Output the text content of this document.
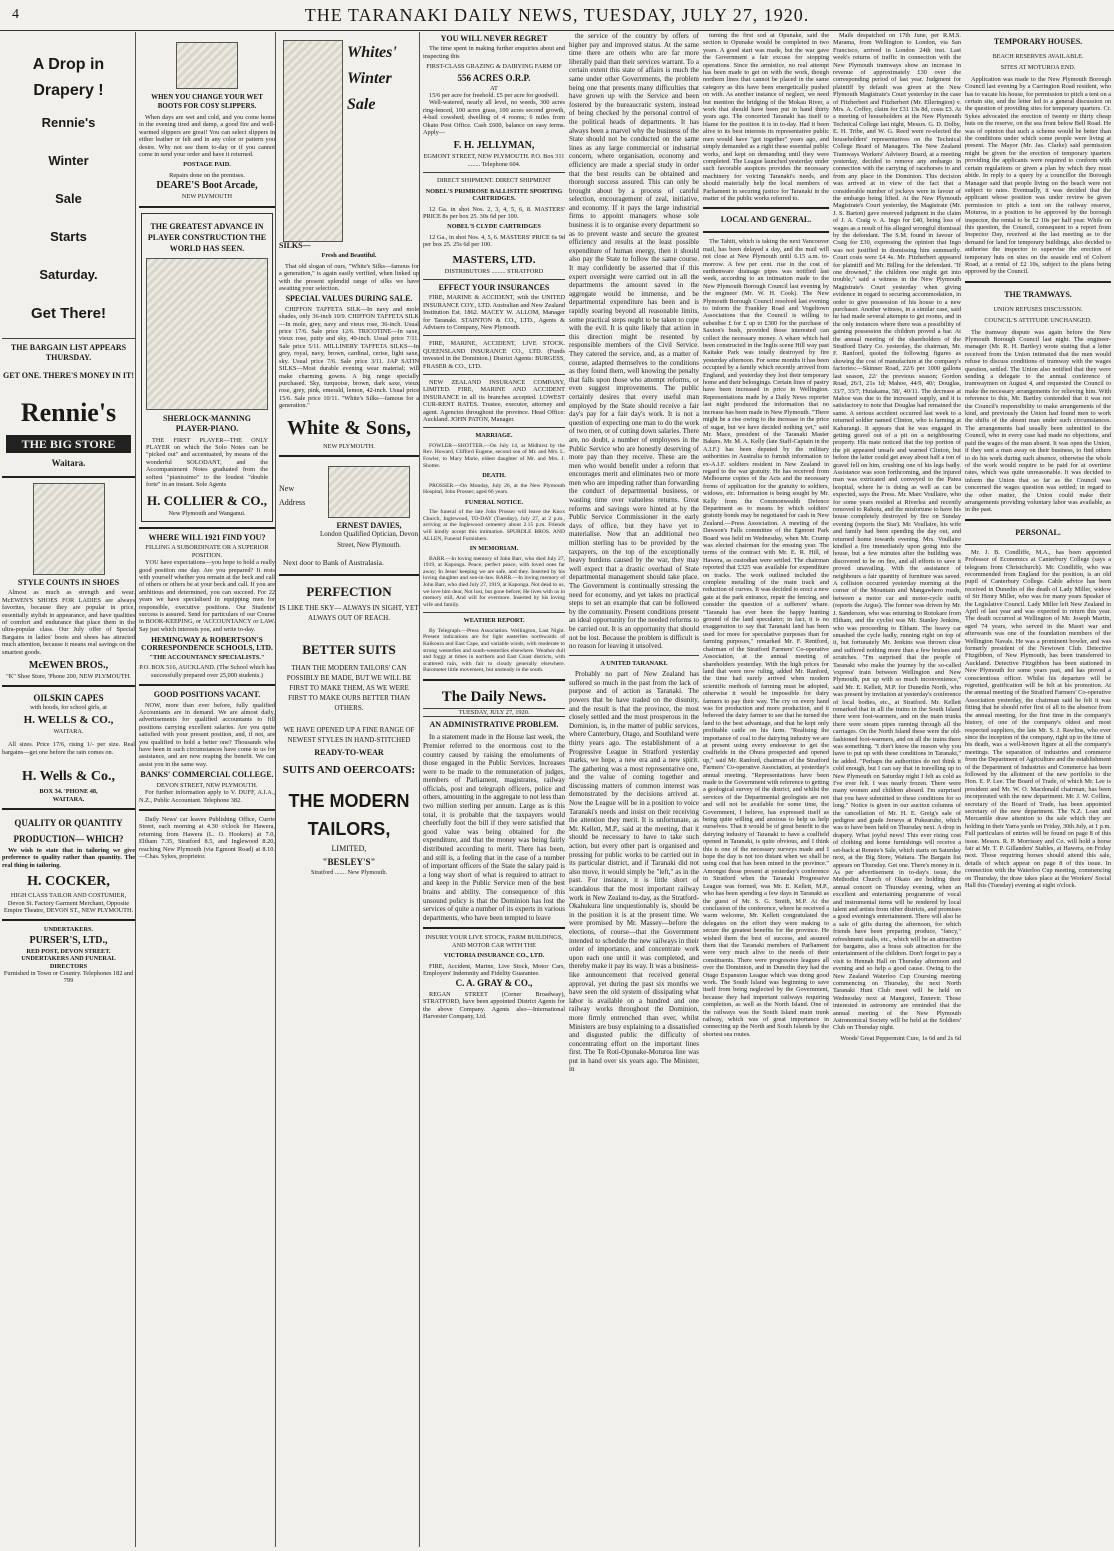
4	THE TARANAKI DAILY NEWS, TUESDAY, JULY 27, 1920.
A Drop in
Drapery !
Rennie's
Winter
Sale
Starts
Saturday.
Get There!
THE BARGAIN LIST APPEARS THURSDAY.
GET ONE. THERE'S MONEY IN IT!
Rennie's
THE BIG STORE
Waitara.
STYLE COUNTS IN SHOES

Almost as much as strength and wear. McEWEN'S SHOES FOR LADIES are always favorites, because they are popular in price, essentially stylish in appearance, and have qualities of comfort and endurance that place them in the ultra-popular class. Our July offer of Special Bargains in ladies' boots and shoes has attracted much attention, because it means real savings on the smartest goods.

McEWEN BROS.,
"K" Shoe Store, 'Phone 200, NEW PLYMOUTH.
OILSKIN CAPES
with hoods, for school girls, at
H. WELLS & CO.,
WAITARA.

All sizes. Price 17/6, rising 1/- per size. Real bargains—get one before the rain comes on.

H. Wells & Co.,
BOX 34. 'PHONE 48,
WAITARA.
QUALITY OR QUANTITY PRODUCTION— WHICH?

We wish to state that in tailoring we give preference to quality rather than quantity. The real thing in tailoring.

H. COCKER,
HIGH CLASS TAILOR AND COSTUMIER, Devon St. Factory Garment Merchant, Opposite Empire Theatre, DEVON ST., NEW PLYMOUTH.
UNDERTAKERS.
PURSER'S, LTD.,
RED POST, DEVON STREET.
UNDERTAKERS AND FUNERAL DIRECTORS
Furnished in Town or Country. Telephones 182 and 799
WHEN YOU CHANGE YOUR WET BOOTS FOR COSY SLIPPERS.

When days are wet and cold, and you come home in the evening tired and damp, a good fire and well-warmed slippers are great! You can select slippers in either leather or felt and in any color or pattern you desire. Why not see them to-day or if you cannot come in send your order and have it returned.

POSTAGE PAID.
Repairs done on the premises.
DEARE'S Boot Arcade,
NEW PLYMOUTH
THE GREATEST ADVANCE IN PLAYER CONSTRUCTION THE WORLD HAS SEEN.
SHERLOCK-MANNING PLAYER-PIANO.

THE FIRST PLAYER—THE ONLY PLAYER on which the Solo Notes can be "picked out" and accentuated, by means of the wonderful SOLODANT, and the Accompaniment Notes graduated from the softest "pianissimo" to the loudest "double forte" in an instant. Sole Agents

H. COLLIER & CO.,
New Plymouth and Wanganui.
WHERE WILL 1921 FIND YOU?
FILLING A SUBORDINATE OR A SUPERIOR POSITION.

YOU have expectations—you hope to hold a really good position one day. Are you prepared? It rests with yourself whether you remain at the beck and call of others or others be at your beck and call. If you are ambitious and determined, you can succeed. For 22 years we have specialised in equipping men for responsible, executive positions. Our Students' success is assured. Send for particulars of our Course in BOOK-KEEPING, or 'ACCOUNTANCY or LAW. Say just which interests you, and write to-day.

HEMINGWAY & ROBERTSON'S CORRESPONDENCE SCHOOLS, LTD.
"THE ACCOUNTANCY SPECIALISTS."
P.O. BOX 516, AUCKLAND. (The School which has successfully prepared over 25,000 students.)
GOOD POSITIONS VACANT.

NOW, more than ever before, fully qualified Accountants are in demand. We are almost daily, advertisements for qualified accountants to fill positions carrying excellent salaries. Are you quite satisfied with your present position, and, if not, are you qualified to hold a better one? Thousands who have been in such circumstances have come to us for assistance, and are now reaping the benefit. We can assist you in the same way.

BANKS' COMMERCIAL COLLEGE.
DEVON STREET, NEW PLYMOUTH.

For further information apply to V. DUFF, A.I.A., N.Z., Public Accountant. Telephone 382.

Daily News' car leaves Publishing Office, Currie Street, each morning at 4.30 o'clock for Hawera, returning from Hawera (L. O. Hookers) at 7.0, Eltham 7.35, Stratford 8.5, and Inglewood 8.20, reaching New Plymouth (via Egmont Road) at 8.10.—Chas. Sykes, proprietor.

Whites'
Winter
Sale
SILKS—
Fresh and Beautiful.

That old slogan of ours, "White's Silks—famous for a generation," is again easily verified, when linked up with the present splendid range of silks we have awaiting your selection.

SPECIAL VALUES DURING SALE.

CHIFFON TAFFETA SILK—In navy and mole shades, only 36-inch 10/9. CHIFFON TAFFETA SILK—In mole, grey, navy and vieux rose, 36-inch. Usual price 17/6. Sale price 12/6. TRICOTINE—In saxe, vieux rose, putty and sky, 40-inch. Usual price 7/11. Sale price 5/11. MILLINERY TAFFETA SILKS—In grey, royal, navy, brown, cardinal, cerise, light saxe, sky. Usual price 7/6. Sale price 3/11. JAP SATIN SILKS—Most durable evening wear material; will make charming gowns. A big range specially purchased. Sky, turquoise, brown, dark saxe, vieux rose, grey, pink, emerald, lemon, 42-inch. Usual price 15/6. Sale price 10/11. "White's Silks—famous for a generation."

White & Sons,
NEW PLYMOUTH.
New
Address
ERNEST DAVIES,
London Qualified Optician, Devon Street, New Plymouth.
Next door to Bank of Australasia.
PERFECTION
IS LIKE THE SKY— ALWAYS IN SIGHT, YET ALWAYS OUT OF REACH.
BETTER SUITS
THAN THE MODERN TAILORS' CAN POSSIBLY BE MADE, BUT WE WILL BE FIRST TO MAKE THEM, AS WE WERE FIRST TO MAKE OURS BETTER THAN OTHERS.
WE HAVE OPENED UP A FINE RANGE OF NEWEST STYLES IN HAND-STITCHED
READY-TO-WEAR
SUITS AND OEERCOATS:
THE MODERN TAILORS,
LIMITED,
"BESLEY'S"
Stratford ....... New Plymouth.
YOU WILL NEVER REGRET

The time spent in making further enquiries about and inspecting this

FIRST-CLASS GRAZING & DAIRYING FARM OF
556 ACRES O.R.P.
AT
15/6 per acre for freehold. £5 per acre for goodwill.

Well-watered, nearly all level, no weeds, 300 acres ring-fenced, 100 acres grass, 100 acres second growth, 4-bail cowshed; dwelling of 4 rooms; 6 miles from Okato Post Office. Cash £600, balance on easy terms. Apply—

F. H. JELLYMAN,
EGMONT STREET, NEW PLYMOUTH. P.O. Box 311 ........ Telephone 604.
DIRECT SHIPMENT. DIRECT SHIPMENT
NOBEL'S PRIMROSE BALLISTITE SPORTING CARTRIDGES.

12 Ga. in shot Nos. 2, 3, 4, 5, 6, 8. MASTERS' PRICE 8s per box 25. 30s 6d per 100.

NOBEL'S CLYDE CARTRIDGES

12 Ga., in shot Nos. 4, 5, 6. MASTERS' PRICE 6s 9d per box 25. 25s 6d per 100.

MASTERS, LTD.
DISTRIBUTORS ......... STRATFORD
EFFECT YOUR INSURANCES

FIRE, MARINE & ACCIDENT, with the UNITED INSURANCE COY., LTD. Australian and New Zealand Institution Est. 1862. MACEY W. ALLOM, Manager for Taranaki. STAINTON & CO., LTD., Agents & Advisers to Company, New Plymouth.

FIRE, MARINE, ACCIDENT, LIVE STOCK. QUEENSLAND INSURANCE CO., LTD. (Funds invested in the Dominion.) District Agents: BURGESS, FRASER & CO., LTD.

NEW ZEALAND INSURANCE COMPANY, LIMITED. FIRE, MARINE AND ACCIDENT INSURANCE in all its branches accepted. LOWEST CUR-RENT RATES. Trustee, executor, attorney and agent. Agencies throughout the province. Head Office: Auckland. JOHN PATON, Manager.

MARRIAGE.

FOWLER—SHOTTER.—On July 14, at Midhirst by the Rev. Howard, Clifford Eugene, second son of Mr. and Mrs. L. Fowler, to Mary Marie, eldest daughter of Mr. and Mrs. J. Shotter.

DEATH.

PROSSER.—On Monday, July 26, at the New Plymouth Hospital, John Prosser; aged 66 years.

FUNERAL NOTICE.

The funeral of the late John Prosser will leave the Knox Church, Inglewood, TO-DAY (Tuesday), July 27, at 2 p.m., arriving at the Inglewood cemetery about 2.15 p.m. Friends will kindly accept this intimation. SPURDLE BROS. AND ALLEN, Funeral Furnishers.

IN MEMORIAM.

BARR.—In loving memory of John Barr, who died July 27, 1919, at Kaponga. Peace, perfect peace, with loved ones far away; In Jesus' keeping we are safe, and they. Inserted by his loving daughter and son-in-law. BARR.—In loving memory of John Barr, who died July 27, 1919, at Kaponga. Not dead to us, we love him dear, Not lost, but gone before; He lives with us in memory still, And will for evermore. Inserted by his loving wife and family.

WEATHER REPORT.

By Telegraph.—Press Association. Wellington, Last Night. Present indications are for light easterlies northwards of Kaikoura and East Cape, and variable winds, with moderate to strong westerlies and south-westerlies elsewhere. Weather dull and foggy at times in northern and East Coast districts, with scattered rain, with fair to cloudy generally elsewhere. Barometer little movement, but unsteady in the south.

The Daily News.
TUESDAY, JULY 27, 1920.
AN ADMINISTRATIVE PROBLEM.

In a statement made in the House last week, the Premier referred to the enormous cost to the country caused by raising the emoluments of those engaged in the Public Services. Increases were to be made to the remuneration of judges, members of Parliament, magistrates, railway officials, post and telegraph officers, police and others, amounting in the aggregate to not less than two million sterling per annum. Large as is this total, it is probable that the taxpayers would cheerfully foot the bill if they were satisfied that good value was being obtained for the expenditure, and that the money was being fairly distributed according to merit. There has been, and still is, a feeling that in the case of a number of important officers of the State the salary paid is a long way short of what is required to attract to and keep in the Public Service men of the best brains and ability. The consequence of this unsound policy is that the Dominion has lost the services of quite a number of its experts in various departments, who have been tempted to leave

INSURE YOUR LIVE STOCK, FARM BUILDINGS, AND MOTOR CAR WITH THE
VICTORIA INSURANCE CO., LTD.

FIRE, Accident, Marine, Live Stock, Motor Cars, Employers' Indemnity and Fidelity Guarantee.

C. A. GRAY & CO.,

REGAN STREET (Corner Broadway), STRATFORD, have been appointed District Agents for the above Company. Agents also—International Harvester Company, Ltd.

the service of the country by offers of higher pay and improved status. At the same time there are others who are far more liberally paid than their services warrant. To a certain extent this state of affairs is much the same under other Governments, the problem being one that presents many difficulties that have grown up with the Service and been fostered by the bureaucratic system, instead of being checked by the personal control of the political heads of departments. It has always been a marvel why the business of the State should not be conducted on the same lines as any large commercial or industrial concern, where organisation, economy and efficiency are made a special study in order that the best results can be obtained and thorough success assured. This can only be brought about by a process of careful selection, encouragement of zeal, initiative, and economy. If it pays the large industrial firms to appoint managers whose sole business it is to organise every department so as to prevent waste and secure the greatest efficiency and results at the least possible expenditure of human energy, then it should also pay the State to follow the same course. It may confidently be asserted that if this expert oversight were carried out in all the departments the amount saved in the aggregate would be immense, and be departmental expenditure has been and is rapidly soaring beyond all reasonable limits, some practical steps ought to be taken to cope with the evil. It is quite likely that action in this direction might be resented by responsible members of the Civil Service. They catered the service, and, as a matter of course, adapted themselves to the conditions as they found them, well knowing the penalty that falls upon those who attempt reforms, or even suggest improvements. The public certainly desires that every useful man employed by the State should receive a fair day's pay for a fair day's work. It is not a question of expecting one man to do the work of two men, or of cutting down salaries. There are, no doubt, a number of employees in the Public Service who are honestly deserving of more pay than they receive. These are the men who would benefit under a reform that encourages merit and eliminates two or more men who are impeding rather than forwarding the conduct of departmental business, or wasting time over valueless returns. Great reforms and savings were hinted at by the Public Service Commissioner in the early days of office, but they have yet to materialise. Now that an additional two million sterling has to be provided by the taxpayers, on the top of the exceptionally heavy burdens caused by the war, they may well expect that a drastic overhaul of State departmental management should take place. The Government is continually stressing the need for economy, and yet takes no practical steps to set an example that can be followed by the community. Present conditions present an ideal opportunity for the needed reforms to be carried out. It is an opportunity that should not be lost. Because the problem is difficult is no reason for leaving it unsolved.

A UNITED TARANAKI.

Probably no part of New Zealand has suffered so much in the past from the lack of purpose and of action as Taranaki. The powers that be have traded on the disunity, and the result is that the province, the most closely settled and the most prosperous in the Dominion, is, in the matter of public services, where Canterbury, Otago, and Southland were thirty years ago. The establishment of a Progressive League in Stratford yesterday marks, we hope, a new era and a new spirit. The gathering was a most representative one, and the value of coming together and discussing matters of common interest was demonstrated by the decisions arrived at. Now the League will be in a position to voice Taranaki's needs and insist on their receiving the attention they merit. It is unfortunate, as Mr. Kellett, M.P., said at the meeting, that it should be necessary to have to take such action, but every other part is organised and pressing for public works to be carried out in its particular district, and if Taranaki did not also move, it would simply be "left," as in the past. For instance, it is little short of scandalous that the most important railway work in New Zealand to-day, as the Stratford-Okahukura line unquestionably is, should be in the position it is at the present time. We were promised by Mr. Massey—before the elections, of course—that the Government intended to schedule the new railways in their order of importance, and concentrate work upon each one until it was completed, and thereby make it pay its way. It was a business-like announcement that received general approval, yet during the past six months we have seen the old system of dissipating what labor is available on a hundred and one railway works throughout the Dominion, more firmly entrenched than ever, whilst Ministers are busy explaining to a dissatisfied and disgusted public the difficulty of concentrating effort on the important lines first. The Te Roti-Opunake-Moturoa line was put in hand over six years ago. The Minister, in

turning the first sod at Opunake, said the section to Opunake would be completed in two years. A good start was made, but the war gave the Government a fair excuse for stopping operations. Since the armistice, no real attempt has been made to get on with the work, though northern lines that cannot be placed in the same category as this have been energetically pushed on with. As another instance of neglect, we need but mention the bridging of the Mokau River, a work that should have been put in hand thirty years ago. The concerted Taranaki has itself to blame for the position it is in to-day. Had it been alive to its best interests its representative public men would have "got together" years ago, and simply demanded as a right these essential public works, and kept on demanding until they were completed. The League launched yesterday under such favorable auspices provides the necessary machinery for voicing Taranaki's needs, and should materially help the local members of Parliament in securing justice for Taranaki in the matter of the public works referred to.

LOCAL AND GENERAL.

The Tahiti, which is taking the next Vancouver mail, has been delayed a day, and the mail will not close at New Plymouth until 6.15 a.m. to-morrow. A few per cent. rise in the cost of earthenware drainage pipes was notified last week, according to an intimation made to the New Plymouth Borough Council last evening by the engineer (Mr. W. H. Cook). The New Plymouth Borough Council resolved last evening to inform the Frankley Road and Vogeltown Associations that the Council is willing to subsidise £ for £ up to £300 for the purchase of Saxton's bush, provided those interested can collect the necessary money. A whare which had been constructed in the Inglis scene Hill way past Kaitake Park was totally destroyed by fire yesterday afternoon. For some months it has been occupied by a family which recently arrived from England, and yesterday they lost their temporary home and their belongings. Certain lines of pastry have been increased in price in Wellington. Representations made by a Daily News reporter last night produced the information that no increase has been made in New Plymouth. "There might be a rise owing to the increase in the price of sugar, but we have decided nothing yet," said Mr. Mace, president of the Taranaki Master Bakers. Mr. M. A. Kelly (late Staff-Captain in the A.I.F.) has been deputed by the military authorities in Australia to furnish information to ex-A.I.F. soldiers resident in New Zealand in regard to the war gratuity. He has received from Melbourne copies of the Acts and the necessary forms of application for the gratuity to soldiers, widows, etc. Information is being sought by Mr. Kelly from the Commonwealth Defence Department as to means by which soldiers' gratuity bonds may be negotiated for cash in New Zealand.—Press Association. A meeting of the Dawson's Falls committee of the Egmont Park Board was held on Wednesday, when Mr. Crump was elected chairman for the ensuing year. The terms of the contract with Mr. E. R. Hill, of Hawera, as custodian were settled. The chairman reported that £325 was available for expenditure on tracks. The work outlined included the complete metalling of the main track and reduction of curves. It was decided to erect a new gate at the park entrance, repair the fencing, and consider the question of a sufferers' whare. "Taranaki has ever been the happy hunting ground of the land speculator; in fact, it is no exaggeration to say that Taranaki land has been used for more for speculative purposes than for farming purposes," remarked Mr. F. Rentford, chairman of the Stratford Farmers' Co-operative Association, at the annual meeting of shareholders yesterday. With the high prices for land that were now ruling, added Mr. Ranford, the time had surely arrived when modern scientific methods of farming must be adopted, otherwise it would be impossible for dairy farmers to pay their way. The cry on every hand was for production and more production, and it behoved the dairy farmer to see that he turned the land to the best advantage, and that he kept only profitable cattle on his farm. "Realising the importance of coal to the dairying industry we are at present using every endeavour to get the coalfields in the Ohura prospected and opened up," said Mr. Ranford, chairman of the Stratford Farmers' Co-operative Association, at yesterday's annual meeting. "Representations have been made to the Government with reference to getting a geological survey of the district, and whilst the services of the Departmental geologists are not and will not be available for some time, the Government, I believe, has expressed itself as being quite willing and anxious to help us help ourselves. That it would be of great benefit to the dairying industry of Taranaki to have a coalfield opened in Taranaki, is quite obvious, and I think this is one of the necessary surveys made and I hope the day is not too distant when we shall be using coal that has been mined in the province." Amongst those present at yesterday's conference in Stratford when the Taranaki Progressive League was formed, was Mr. E. Kellett, M.P., who has been spending a few days in Taranaki as the guest of Mr. S. G. Smith, M.P. At the conclusion of the conference, where he received a warm welcome, Mr. Kellett congratulated the delegates on the effort they were making to secure the greatest benefits for the province. He wished them the best of success, and assured them that the Taranaki members of Parliament were very much alive to the needs of their constituents. There were progressive leagues all over the Dominion, and in Dunedin they had the Otago Expansion League which was doing good work. The South Island was beginning to save itself from being neglected by the Government, because they had important railways requiring completion, as well as the North Island. One of the railways was the South Island main trunk railway, which was of great importance in connecting up the North and South Islands by the shortest sea routes.

Mails despatched on 17th June, per R.M.S. Marama, from Wellington to London, via San Francisco, arrived in London 24th inst. Last week's returns of traffic in connection with the New Plymouth tramways show an increase in revenue of approximately £30 over the corresponding period of last year. Judgment for plaintiff by default was given at the New Plymouth Magistrate's Court yesterday in the case of Fitzherbert and Fitzherbert (Mr. Ellerington) v. Mrs. A. Coffey, claim for £31 13s 8d, costs £3. At a meeting of householders at the New Plymouth Technical College last night, Messrs. G. D. Dolby, E. H. Tribe, and W. G. Reed were re-elected the householders' representatives on the Technical College Board of Managers. The New Zealand Tramways Workers' Advisory Board, at a meeting yesterday, decided to remove any embargo in connection with the carrying of racehorses to and from any place in the Dominion. This decision was arrived at in view of the fact that a considerable number of jockeys were in favour of the embargo being lifted. At the New Plymouth Magistrate's Court yesterday, the Magistrate (Mr. J. S. Barton) gave reserved judgment in the claim of J. A. Craig v. A. Ingo for £40, being loss of wages as a result of his alleged wrongful dismissal by the defendant. The S.M. found in favour of Craig for £30, expressing the opinion that Ingo was not justified in dismissing him summarily. Court costs were £4 4s. Mr. Fitzherbert appeared for plaintiff and Mr. Billing for the defendant. "If one drowned," the children one might get into trouble," said a witness in the New Plymouth Magistrate's Court yesterday when giving evidence in regard to securing accommodation, in order to give possession of his house to a new purchaser. Another witness, in a similar case, said he had made several attempts to get rooms, and in the only instances where there was a possibility of gaining possession the children proved a bar. At the annual meeting of the shareholders of the Stratford Dairy Co. yesterday, the chairman, Mr. F. Ranford, quoted the following figures as showing the cost of manufacture at the company's factories:—Skinner Road, 22/6 per 1000 gallons last season, 22/ the previous season; Gordon Road, 26/1, 21s 1d; Mahoe, 44/9, 40/; Douglas, 33/7, 33/7; Huiakama, 58/, 40/11. The decrease at Mahoe was due to the increased supply, and it is satisfactory to note that Douglas had remained the same. A serious accident occurred last week to a returned soldier named Clinton, who is farming at Kahurangi. It appears that he was engaged in getting gravel out of a pit on a neighbouring property. His mate noticed that the top portion of the pit appeared unsafe and warned Clinton, but before the latter could get away about half a ton of gravel fell on him, crushing one of his legs badly. Assistance was soon forthcoming, and the injured man was extricated and conveyed to the Patea hospital, where he is doing as well as can be expected, says the Press. Mr. Marc Voullaire, who for some years resided at Riverlea and recently removed to Rahotu, and the misfortune to have his house completely destroyed by fire on Sunday evening (reports the Star). Mr. Voullaire, his wife and family had been spending the day out, and returned home towards evening. Mrs. Voullaire kindled a fire immediately upon going into the house, but a few minutes after the building was discovered to be on fire, and all efforts to save it proved unavailing. With the assistance of neighbours a fair quantity of furniture was saved. A collision occurred yesterday morning at the corner of the Mountain and Mangawhero roads, between a motor car and motor-cycle outfit (reports the Argus). The former was driven by Mr. J. Sanderson, who was returning to Rotokare from Eltham, and the cyclist was Mr. Stanley Jenkins, who was proceeding to Eltham. The heavy car smashed the cycle badly, running right on top of it, but fortunately Mr. Jenkins was thrown clear and suffered nothing more than a few bruises and scratches. "I'm surprised that the people of Taranaki who make the journey by the so-called 'express' train between Wellington and New Plymouth, put up with so much inconvenience," said Mr. E. Kellett, M.P. for Dunedin North, who was present by invitation at yesterday's conference of local bodies, etc., at Stratford. Mr. Kellett remarked that in all the trains in the South Island there were foot-warmers, and on the main trunks there were steam pipes running through all the carriages. On the North Island these were the old-fashioned foot-warmers, and on all the trains there was something. "I don't know the reason why you have to put up with these conditions in Taranaki," he added. "Perhaps the authorities do not think it cold enough, but I can say that in travelling up to New Plymouth on Saturday night I felt as cold as I've ever felt. I was nearly frozen. There were many women and children aboard. I'm surprised that you have submitted to these conditions for so long." Notice is given in our auction columns of the cancellation of Mr. H. E. Greig's sale of pedigree and grade Jerseys at Pukearuhe, which was to have been held on Thursday next. A drop in drapery. What joyful news! This ever rising cost of clothing and home furnishings will receive a set-back at Rennie's Sale, which starts on Saturday next, at the Big Store, Waitara. The Bargain list appears on Thursday. Get one. There's money in it. As per advertisement in to-day's issue, the Methodist Church of Okato are holding their annual concert on Thursday evening, when an excellent and entertaining programme of vocal and instrumental items will be rendered by local talent and artists from other districts, and promises a good evening's entertainment. There will also be a sale of gifts during the afternoon, for which friends have been preparing produce, "fancy," refreshment stalls, etc., which will be an attraction for bargains, also a brass sub attraction for the entertainment of the children. Don't forget to pay a visit to Hennah Hall on Thursday afternoon and evening and so help a good cause. Owing to the New Zealand Waterloo Cup Coursing meeting commencing on Thursday, the next North Taranaki Hunt Club meet will be held on Wednesday next at Mangorei, Ennevir. Those interested in astronomy are reminded that the annual meeting of the New Plymouth Astronomical Society will be held at the Soldiers' Club on Thursday night.

Woods' Great Peppermint Cure, 1s 6d and 2s 6d

TEMPORARY HOUSES.
BEACH RESERVES AVAILABLE.
SITES AT MOTUROA END.

Application was made to the New Plymouth Borough Council last evening by a Carrington Road resident, who has to vacate his house, for permission to pitch a tent on a certain site, and the letter led to a general discussion on the question of providing sites for temporary quarters. Cr. Sykes advocated the erection of twenty or thirty cheap huts on the reserve, on the sea front below Bell Road. He was of opinion that such a scheme would be better than the conditions under which some people were living at present. The Mayor (Mr. Jas. Clarke) said permission might be given for the erection of temporary quarters providing the applicants were required to conform with certain regulations or given a plan by which they must abide. In reply to a query by a councillor the Borough Manager said that people living on the beach were not subject to rates. Eventually, it was decided that the applicant whose position was under review be given permission to pitch a tent on the railway reserve, Moturoa, in a position to be approved by the borough inspector, the rental to be £2 10s per half year. While on this question, the Council, consequent to a report from Inspector Day, received at the last meeting as to the demand for land for temporary buildings, also decided to authorise the inspector to supervise the erection of temporary huts on sites on the seaside end of Colvert Road, at a rental of £2 10s, subject to the plans being approved by the Council.

THE TRAMWAYS.
UNION REFUSES DISCUSSION.
COUNCIL'S ATTITUDE UNCHANGED.

The tramway dispute was again before the New Plymouth Borough Council last night. The engineer-manager (Mr. R. H. Bartley) wrote stating that a letter received from the Union intimated that the men would refuse to discuss conditions of tramway with the wages question, settled. The Union also notified that they were sending a delegate to the annual conference of tramwaymen on August 4, and requested the Council to make the necessary arrangements for relieving him. With reference to this, Mr. Bartley contended that it was not the Council's responsibility to make arrangements of the kind, and previously the Union had found men to work the shifts of the absent man under such circumstances. The arrangements had usually been submitted to the Council, who in every case had made no objections, and paid the wages of the man absent. It was open the Union, if they sent a man away on their business, to find others to do his work during such absence, otherwise the whole of the work would require to be paid for at overtime rates, which was quite unreasonable. It was decided to inform the Union that so far as the Council was concerned the wages question was settled; in regard to the other matter, the Union could make their arrangements providing voluntary labor was available, as in the past.

PERSONAL.

Mr. J. B. Condliffe, M.A., has been appointed Professor of Economics at Canterbury College (says a telegram from Christchurch). Mr. Condliffe, who was recommended from England for the position, is an old pupil of Canterbury College. Cable advice has been received in Dunedin of the death of Lady Miller, widow of Sir Henry Miller, who was for many years Speaker of the Legislative Council. Lady Miller left New Zealand in April of last year and was expected to return this year. The death occurred at Wellington of Mr. Joseph Martin, aged 74 years, who served in the Maori war and afterwards was one of the foundation members of the Wellington Navals. He was a prominent bowler, and was formerly president of the Newtown Club. Detective Fitzgibbon, of New Plymouth, has been transferred to Auckland. Detective Fitzgibbon has been stationed in New Plymouth for some years past, and has proved a conscientious officer. Whilst his departure will be regretted, gratification will be felt at his promotion. At the annual meeting of the Stratford Farmers' Co-operative Association yesterday, the chairman said he felt it was fitting that he should refer first of all to the absence from the annual meeting, for the first time in the company's history, of one of the company's oldest and most respected suppliers, the late Mr. S. J. Rawlins, who ever since the inception of the company, right up to the time of his death, was a well-known figure at all the company's meetings. The separation of industries and commerce from the Department of Agriculture and the establishment of the Department of Industries and Commerce has been followed by the allotment of the new portfolio to the Hon. E. P. Lee. The Board of Trade, of which Mr. Lee is president and Mr. W. O. Macdonald chairman, has been incorporated with the new department. Mr. J. W. Collins, secretary of the Board of Trade, has been appointed secretary of the new department. The N.Z. Loan and Mercantile draw attention to the sale which they are holding in their Yarra yards on Friday, 30th July, at 1 p.m. Full particulars of entries will be found on page 8 of this issue. Messrs. R. P. Morrissey and Co. will hold a horse fair at Mr. T. P. Gillanders' Stables, at Hawera, on Friday next. Those requiring horses should attend this sale, details of which appear on page 8 of this issue. In connection with the Waterloo Cup meeting, commencing on Thursday, the draw takes place at the Workers' Social Hall this (Tuesday) evening at eight o'clock.
